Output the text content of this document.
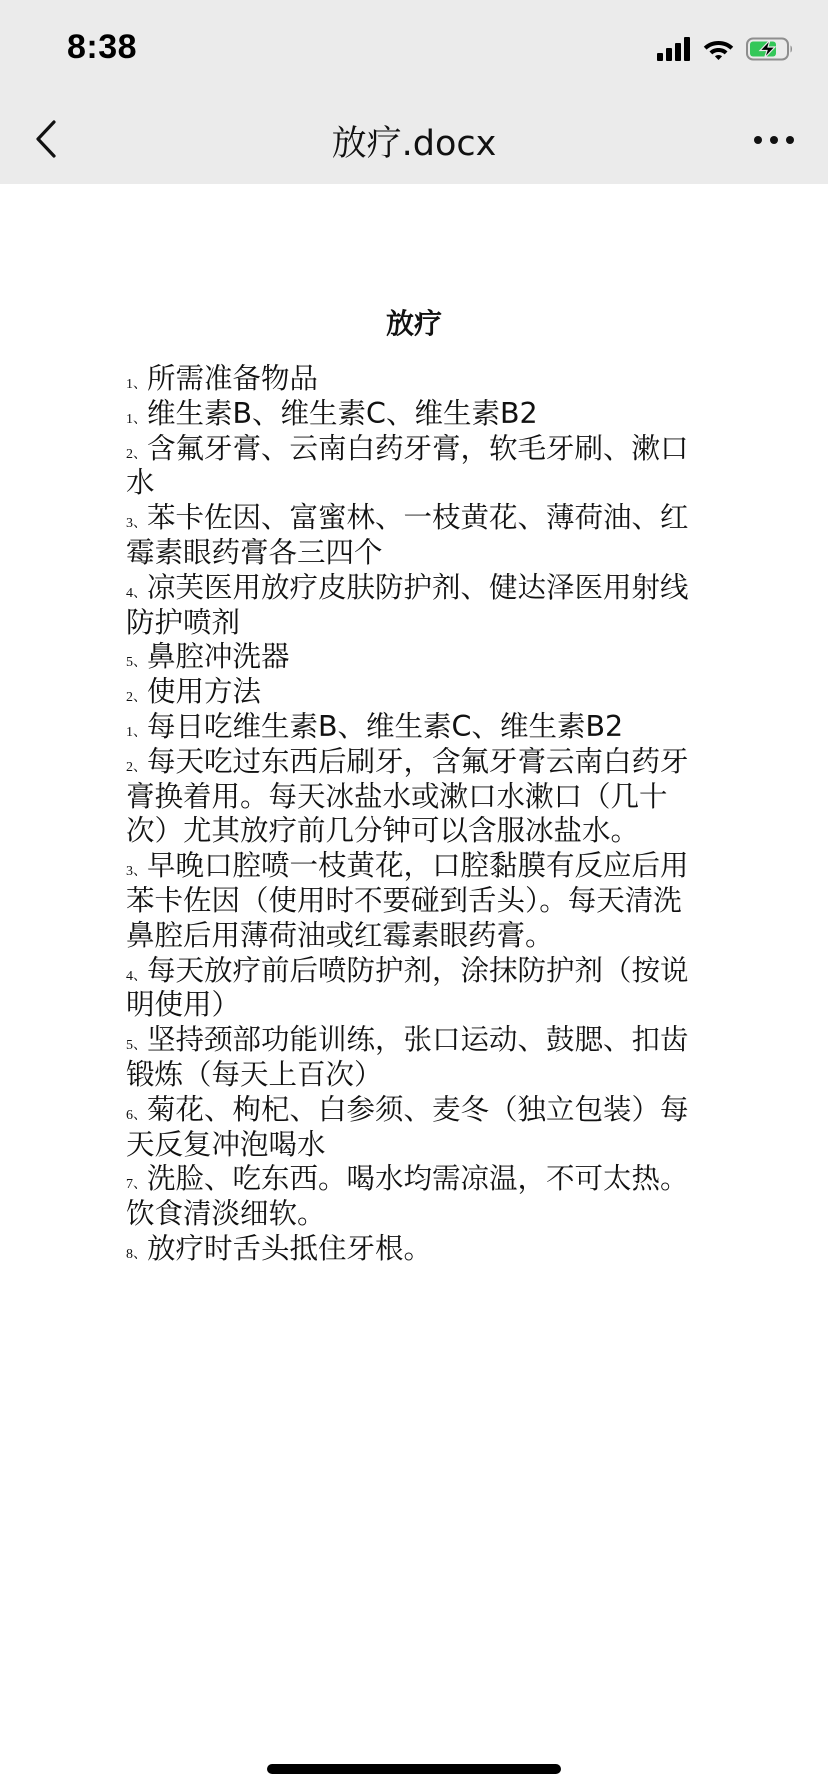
8:38
放疗.docx
放疗
1、所需准备物品
1、维生素B、维生素C、维生素B2
2、含氟牙膏、云南白药牙膏，软毛牙刷、漱口水
3、苯卡佐因、富蜜林、一枝黄花、薄荷油、红霉素眼药膏各三四个
4、凉芙医用放疗皮肤防护剂、健达泽医用射线防护喷剂
5、鼻腔冲洗器
2、使用方法
1、每日吃维生素B、维生素C、维生素B2
2、每天吃过东西后刷牙，含氟牙膏云南白药牙膏换着用。每天冰盐水或漱口水漱口（几十次）尤其放疗前几分钟可以含服冰盐水。
3、早晚口腔喷一枝黄花，口腔黏膜有反应后用苯卡佐因（使用时不要碰到舌头）。每天清洗鼻腔后用薄荷油或红霉素眼药膏。
4、每天放疗前后喷防护剂，涂抹防护剂（按说明使用）
5、坚持颈部功能训练，张口运动、鼓腮、扣齿锻炼（每天上百次）
6、菊花、枸杞、白参须、麦冬（独立包装）每天反复冲泡喝水
7、洗脸、吃东西。喝水均需凉温，不可太热。饮食清淡细软。
8、放疗时舌头抵住牙根。
